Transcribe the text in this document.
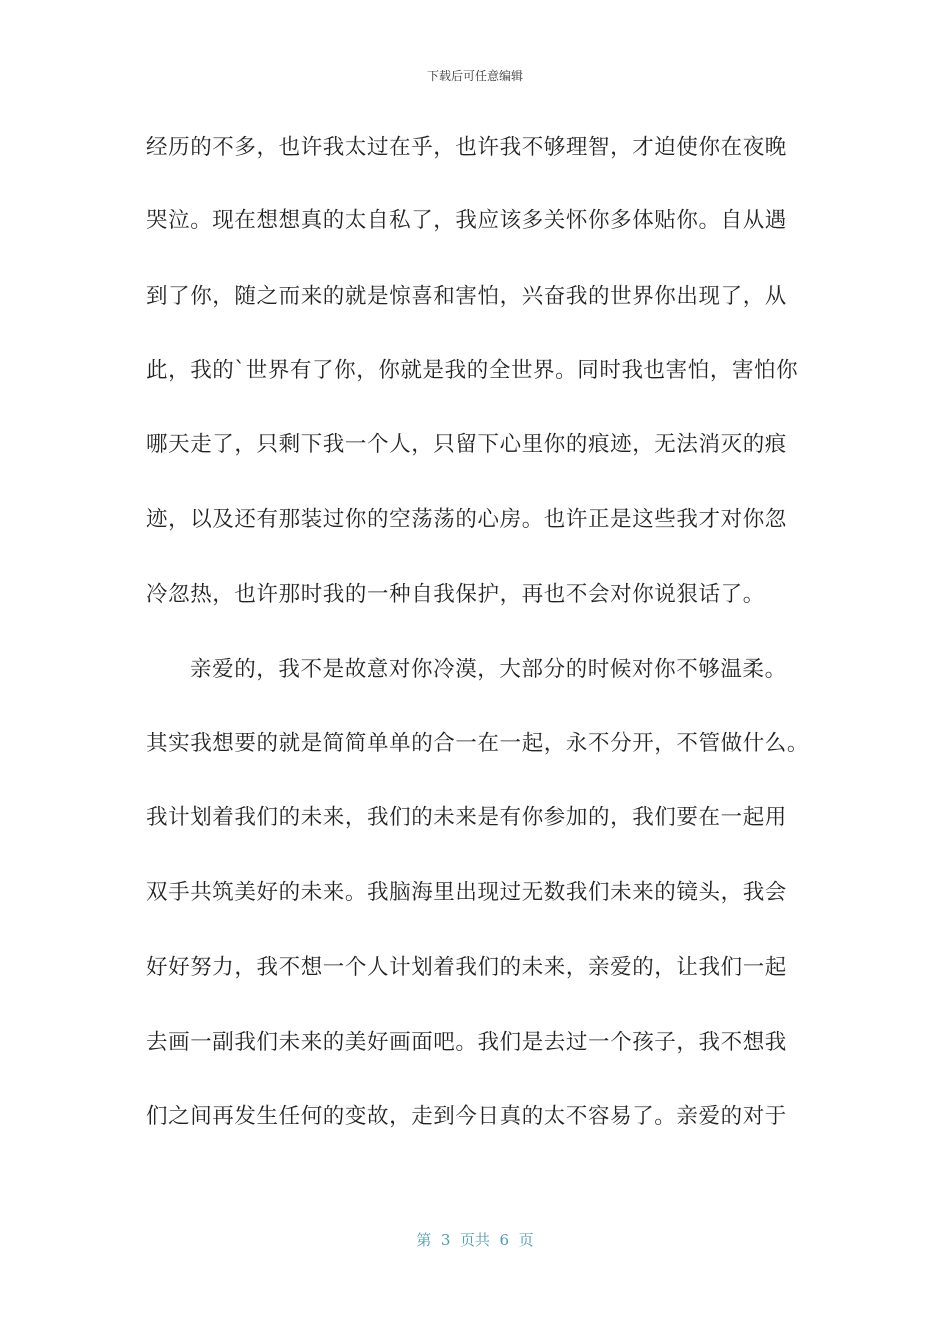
下载后可任意编辑
经历的不多，也许我太过在乎，也许我不够理智，才迫使你在夜晚
哭泣。现在想想真的太自私了，我应该多关怀你多体贴你。自从遇
到了你，随之而来的就是惊喜和害怕，兴奋我的世界你出现了，从
此，我的`世界有了你，你就是我的全世界。同时我也害怕，害怕你
哪天走了，只剩下我一个人，只留下心里你的痕迹，无法消灭的痕
迹，以及还有那装过你的空荡荡的心房。也许正是这些我才对你忽
冷忽热，也许那时我的一种自我保护，再也不会对你说狠话了。
亲爱的，我不是故意对你冷漠，大部分的时候对你不够温柔。
其实我想要的就是简简单单的合一在一起，永不分开，不管做什么。
我计划着我们的未来，我们的未来是有你参加的，我们要在一起用
双手共筑美好的未来。我脑海里出现过无数我们未来的镜头，我会
好好努力，我不想一个人计划着我们的未来，亲爱的，让我们一起
去画一副我们未来的美好画面吧。我们是去过一个孩子，我不想我
们之间再发生任何的变故，走到今日真的太不容易了。亲爱的对于
第  3  页共  6  页
